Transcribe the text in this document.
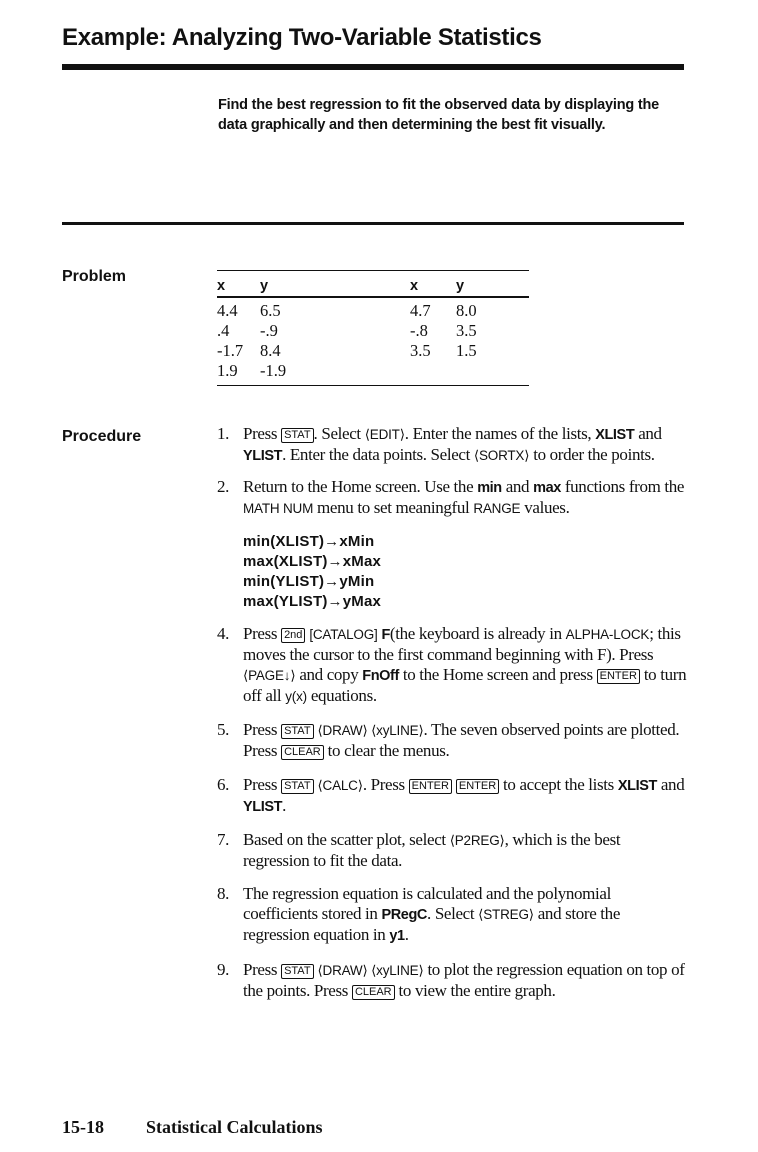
Example: Analyzing Two-Variable Statistics
Find the best regression to fit the observed data by displaying the data graphically and then determining the best fit visually.
Problem
Procedure
x	y	x	y
4.4	6.5	4.7	8.0
.4	-.9	-.8	3.5
-1.7	8.4	3.5	1.5
1.9	-1.9		
1. Press STAT . Select ⟨EDIT⟩. Enter the names of the lists, XLIST and YLIST. Enter the data points. Select ⟨SORTX⟩ to order the points.
2. Return to the Home screen. Use the min and max functions from the MATH NUM menu to set meaningful RANGE values.
min(XLIST)→xMin
max(XLIST)→xMax
min(YLIST)→yMin
max(YLIST)→yMax
4. Press 2nd [CATALOG] F(the keyboard is already in ALPHA-LOCK; this moves the cursor to the first command beginning with F). Press ⟨PAGE↓⟩ and copy FnOff to the Home screen and press ENTER to turn off all y(x) equations.
5. Press STAT ⟨DRAW⟩ ⟨xyLINE⟩. The seven observed points are plotted. Press CLEAR to clear the menus.
6. Press STAT ⟨CALC⟩. Press ENTER ENTER to accept the lists XLIST and YLIST.
7. Based on the scatter plot, select ⟨P2REG⟩, which is the best regression to fit the data.
8. The regression equation is calculated and the polynomial coefficients stored in PRegC. Select ⟨STREG⟩ and store the regression equation in y1.
9. Press STAT ⟨DRAW⟩ ⟨xyLINE⟩ to plot the regression equation on top of the points. Press CLEAR to view the entire graph.
15-18 Statistical Calculations
